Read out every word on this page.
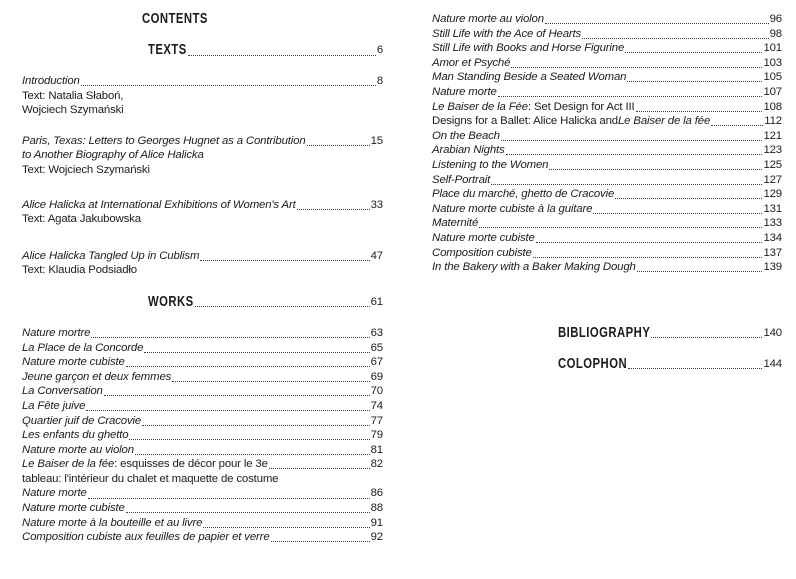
CONTENTS
TEXTS	6
Introduction	8
Text: Natalia Słaboń,
Wojciech Szymański
Paris, Texas: Letters to Georges Hugnet as a Contribution	15
to Another Biography of Alice Halicka
Text: Wojciech Szymański
Alice Halicka at International Exhibitions of Women's Art	33
Text: Agata Jakubowska
Alice Halicka Tangled Up in Cublism	47
Text: Klaudia Podsiadło
WORKS	61
Nature mortre	63
La Place de la Concorde	65
Nature morte cubiste	67
Jeune garçon et deux femmes	69
La Conversation	70
La Fête juive	74
Quartier juif de Cracovie	77
Les enfants du ghetto	79
Nature morte au violon	81
Le Baiser de la fée : esquisses de décor pour le 3e	82
tableau: l'intérieur du chalet et maquette de costume
Nature morte	86
Nature morte cubiste	88
Nature morte à la bouteille et au livre	91
Composition cubiste aux feuilles de papier et verre	92
Nature morte au violon	96
Still Life with the Ace of Hearts	98
Still Life with Books and Horse Figurine	101
Amor et Psyché	103
Man Standing Beside a Seated Woman	105
Nature morte	107
Le Baiser de la Fée : Set Design for Act III	108
Designs for a Ballet: Alice Halicka and Le Baiser de la fée	112
On the Beach	121
Arabian Nights	123
Listening to the Women	125
Self-Portrait	127
Place du marché, ghetto de Cracovie	129
Nature morte cubiste à la guitare	131
Maternité	133
Nature morte cubiste	134
Composition cubiste	137
In the Bakery with a Baker Making Dough	139
BIBLIOGRAPHY	140
COLOPHON	144
